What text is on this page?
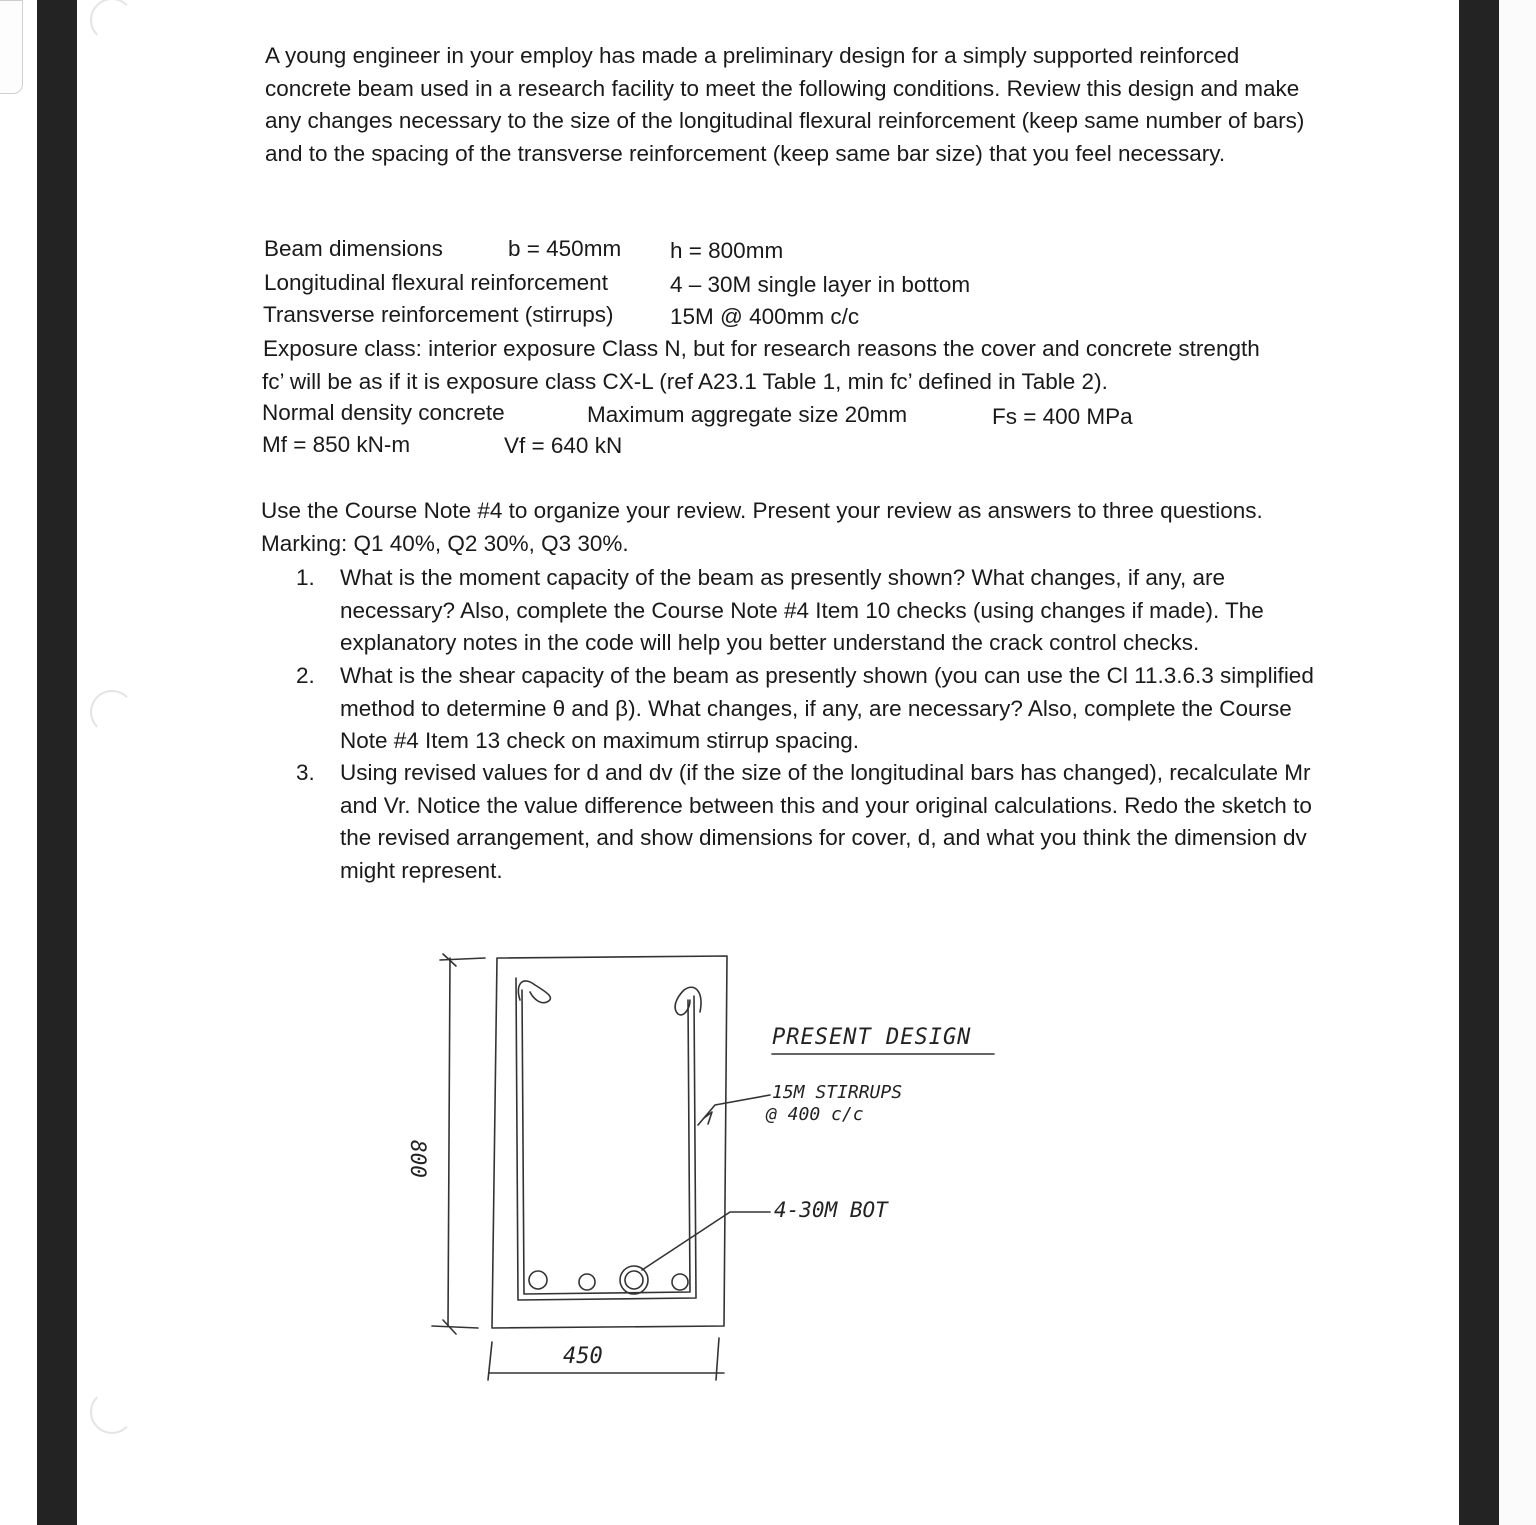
A young engineer in your employ has made a preliminary design for a simply supported reinforced concrete beam used in a research facility to meet the following conditions. Review this design and make any changes necessary to the size of the longitudinal flexural reinforcement (keep same number of bars) and to the spacing of the transverse reinforcement (keep same bar size) that you feel necessary.
Beam dimensions	b = 450mm h = 800mm
Longitudinal flexural reinforcement	4 – 30M single layer in bottom
Transverse reinforcement (stirrups)	15M @ 400mm c/c
Exposure class: interior exposure Class N, but for research reasons the cover and concrete strength
fc’ will be as if it is exposure class CX-L (ref A23.1 Table 1, min fc’ defined in Table 2).
Normal density concrete	Maximum aggregate size 20mm	Fs = 400 MPa
Mf = 850 kN-m	Vf = 640 kN
Use the Course Note #4 to organize your review. Present your review as answers to three questions.
Marking: Q1 40%, Q2 30%, Q3 30%.
1.	What is the moment capacity of the beam as presently shown? What changes, if any, are necessary? Also, complete the Course Note #4 Item 10 checks (using changes if made). The explanatory notes in the code will help you better understand the crack control checks.
2.	What is the shear capacity of the beam as presently shown (you can use the Cl 11.3.6.3 simplified method to determine θ and β). What changes, if any, are necessary? Also, complete the Course Note #4 Item 13 check on maximum stirrup spacing.
3.	Using revised values for d and dv (if the size of the longitudinal bars has changed), recalculate Mr and Vr. Notice the value difference between this and your original calculations. Redo the sketch to the revised arrangement, and show dimensions for cover, d, and what you think the dimension dv might represent.
800
450
PRESENT DESIGN
15M STIRRUPS
@ 400 c/c
4-30M BOT
